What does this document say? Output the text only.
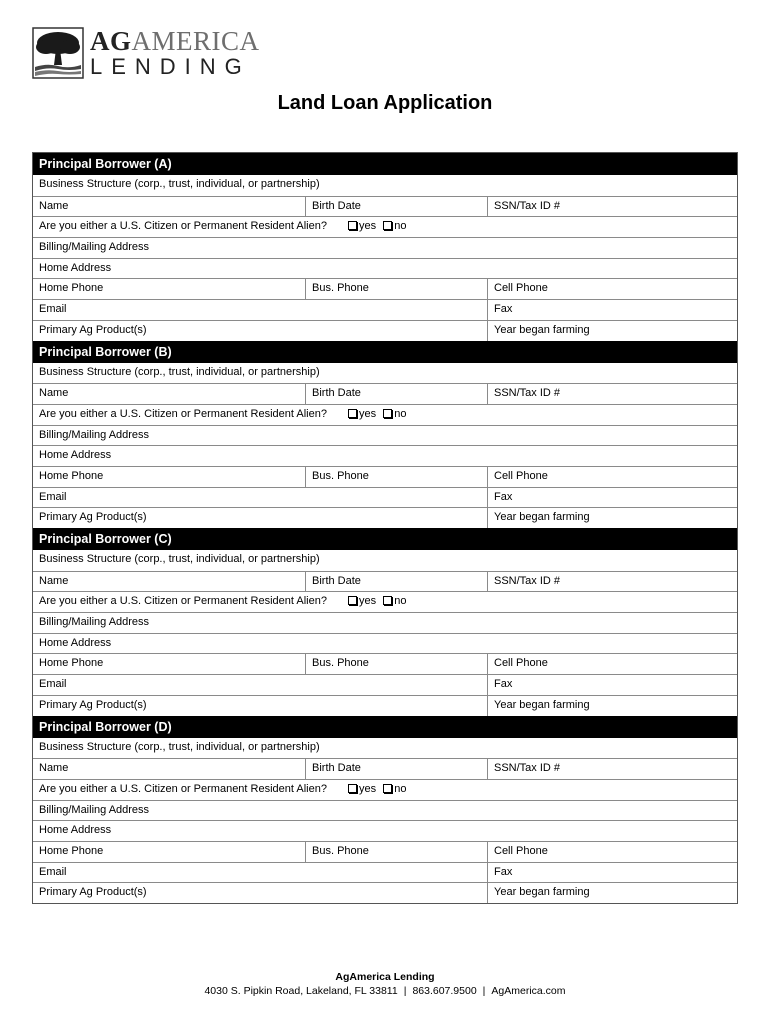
AGAMERICA
LENDING
Land Loan Application
Principal Borrower (A)
Business Structure (corp., trust, individual, or partnership)
Name	Birth Date	SSN/Tax ID #
Are you either a U.S. Citizen or Permanent Resident Alien?	yes no
Billing/Mailing Address
Home Address
Home Phone	Bus. Phone	Cell Phone
Email	Fax
Primary Ag Product(s)	Year began farming
Principal Borrower (B)
Business Structure (corp., trust, individual, or partnership)
Name	Birth Date	SSN/Tax ID #
Are you either a U.S. Citizen or Permanent Resident Alien?	yes no
Billing/Mailing Address
Home Address
Home Phone	Bus. Phone	Cell Phone
Email	Fax
Primary Ag Product(s)	Year began farming
Principal Borrower (C)
Business Structure (corp., trust, individual, or partnership)
Name	Birth Date	SSN/Tax ID #
Are you either a U.S. Citizen or Permanent Resident Alien?	yes no
Billing/Mailing Address
Home Address
Home Phone	Bus. Phone	Cell Phone
Email	Fax
Primary Ag Product(s)	Year began farming
Principal Borrower (D)
Business Structure (corp., trust, individual, or partnership)
Name	Birth Date	SSN/Tax ID #
Are you either a U.S. Citizen or Permanent Resident Alien?	yes no
Billing/Mailing Address
Home Address
Home Phone	Bus. Phone	Cell Phone
Email	Fax
Primary Ag Product(s)	Year began farming
AgAmerica Lending
4030 S. Pipkin Road, Lakeland, FL 33811 | 863.607.9500 | AgAmerica.com
